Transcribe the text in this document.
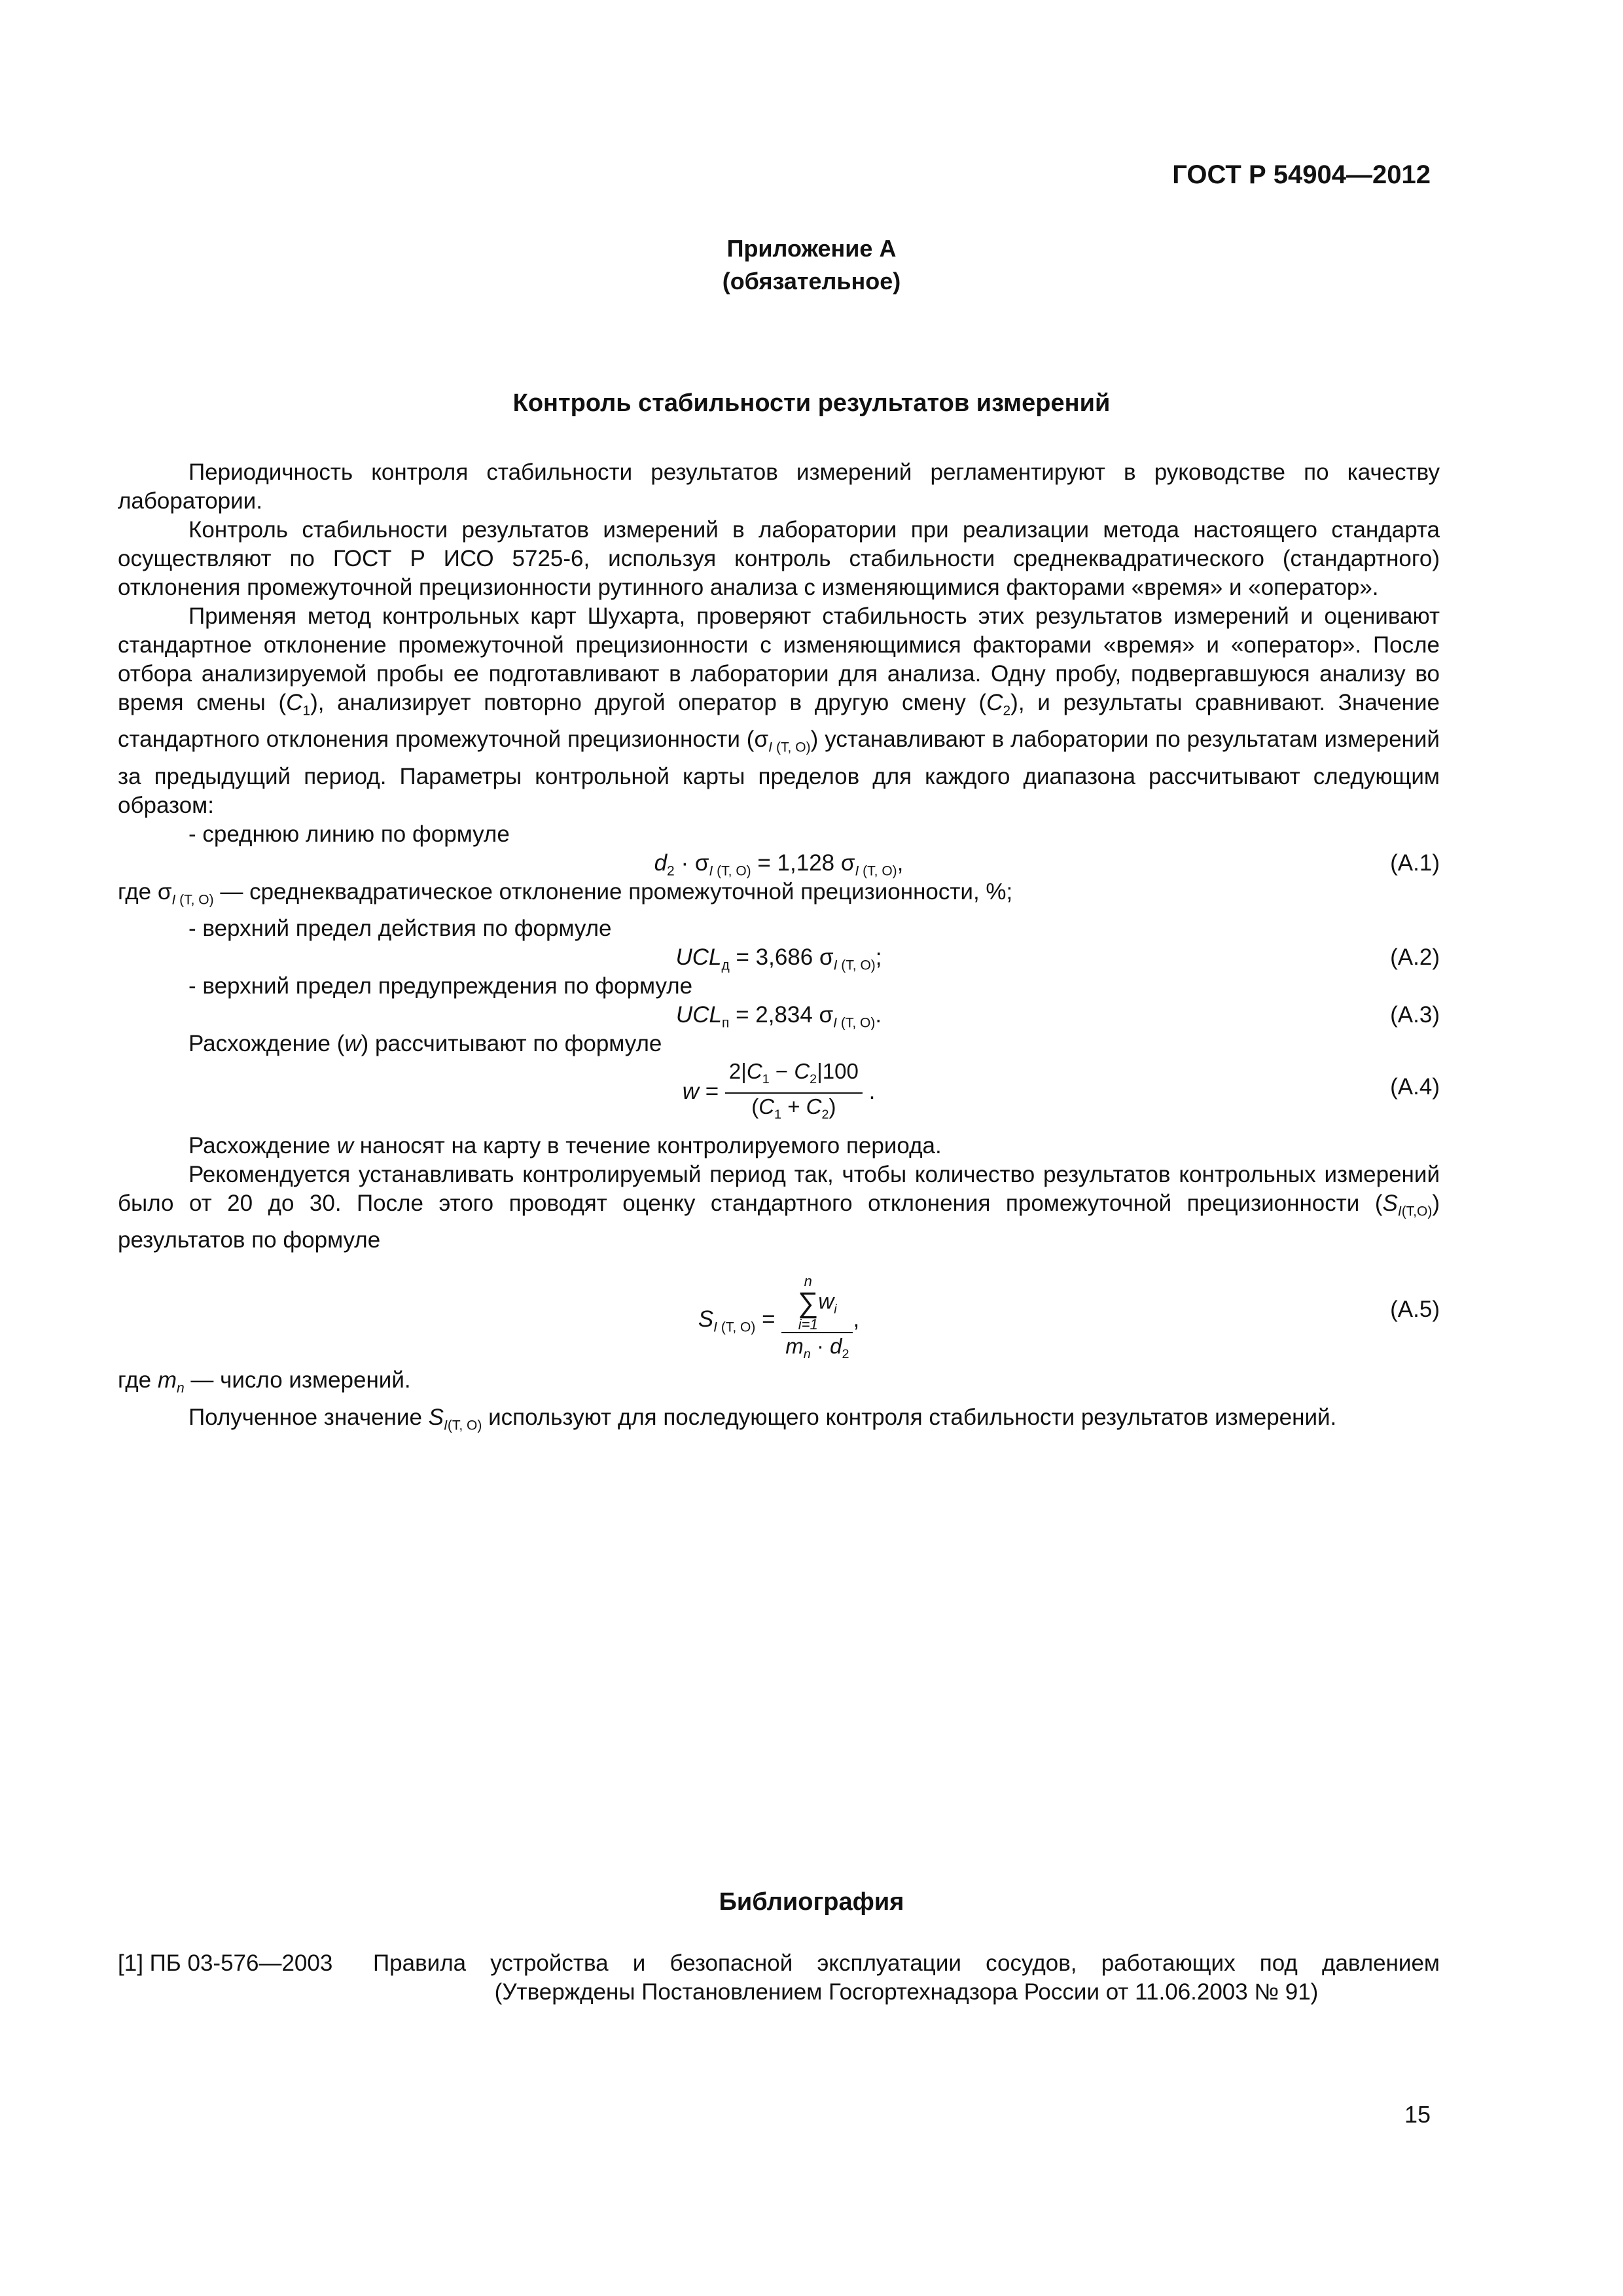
ГОСТ Р 54904—2012
Приложение А
(обязательное)
Контроль стабильности результатов измерений

Периодичность контроля стабильности результатов измерений регламентируют в руководстве по качеству лаборатории.

Контроль стабильности результатов измерений в лаборатории при реализации метода настоящего стандарта осуществляют по ГОСТ Р ИСО 5725-6, используя контроль стабильности среднеквадратического (стандартного) отклонения промежуточной прецизионности рутинного анализа с изменяющимися факторами «время» и «оператор».

Применяя метод контрольных карт Шухарта, проверяют стабильность этих результатов измерений и оценивают стандартное отклонение промежуточной прецизионности с изменяющимися факторами «время» и «оператор». После отбора анализируемой пробы ее подготавливают в лаборатории для анализа. Одну пробу, подвергавшуюся анализу во время смены $(C_1)$, анализирует повторно другой оператор в другую смену $(C_2)$, и результаты сравнивают. Значение стандартного отклонения промежуточной прецизионности $(\sigma_{I (T, O)})$ устанавливают в лаборатории по результатам измерений за предыдущий период. Параметры контрольной карты пределов для каждого диапазона рассчитывают следующим образом:

- среднюю линию по формуле

$d_2 \cdot \sigma_{I (T, O)} = 1,128$ $\sigma_{I (T, O)}$,	(А.1)

где $\sigma_{I (T, O)}$ — среднеквадратическое отклонение промежуточной прецизионности, %;

- верхний предел действия по формуле

$UCL_д = 3,686$ $\sigma_{I (T, O)}$;	(А.2)

- верхний предел предупреждения по формуле

$UCL_п = 2,834$ $\sigma_{I (T, O)}$.	(А.3)

Расхождение (w) рассчитывают по формуле

$w = \frac{2|C_1 - C_2|100}{(C_1 + C_2)}$ .	(А.4)

Расхождение w наносят на карту в течение контролируемого периода.

Рекомендуется устанавливать контролируемый период так, чтобы количество результатов контрольных измерений было от 20 до 30. После этого проводят оценку стандартного отклонения промежуточной прецизионности $(S_{I(T,O)})$ результатов по формуле

$S_{I (T, O)} = n$
∑
i=1
$w_i$
$m_n \cdot d_2$ ,	(А.5)

где $m_n$ — число измерений.

Полученное значение $S_{I(T, O)}$ используют для последующего контроля стабильности результатов измерений.

Библиография
[1] ПБ 03-576—2003	Правила устройства и безопасной эксплуатации сосудов, работающих под давлением (Утверждены Постановлением Госгортехнадзора России от 11.06.2003 № 91)
15
